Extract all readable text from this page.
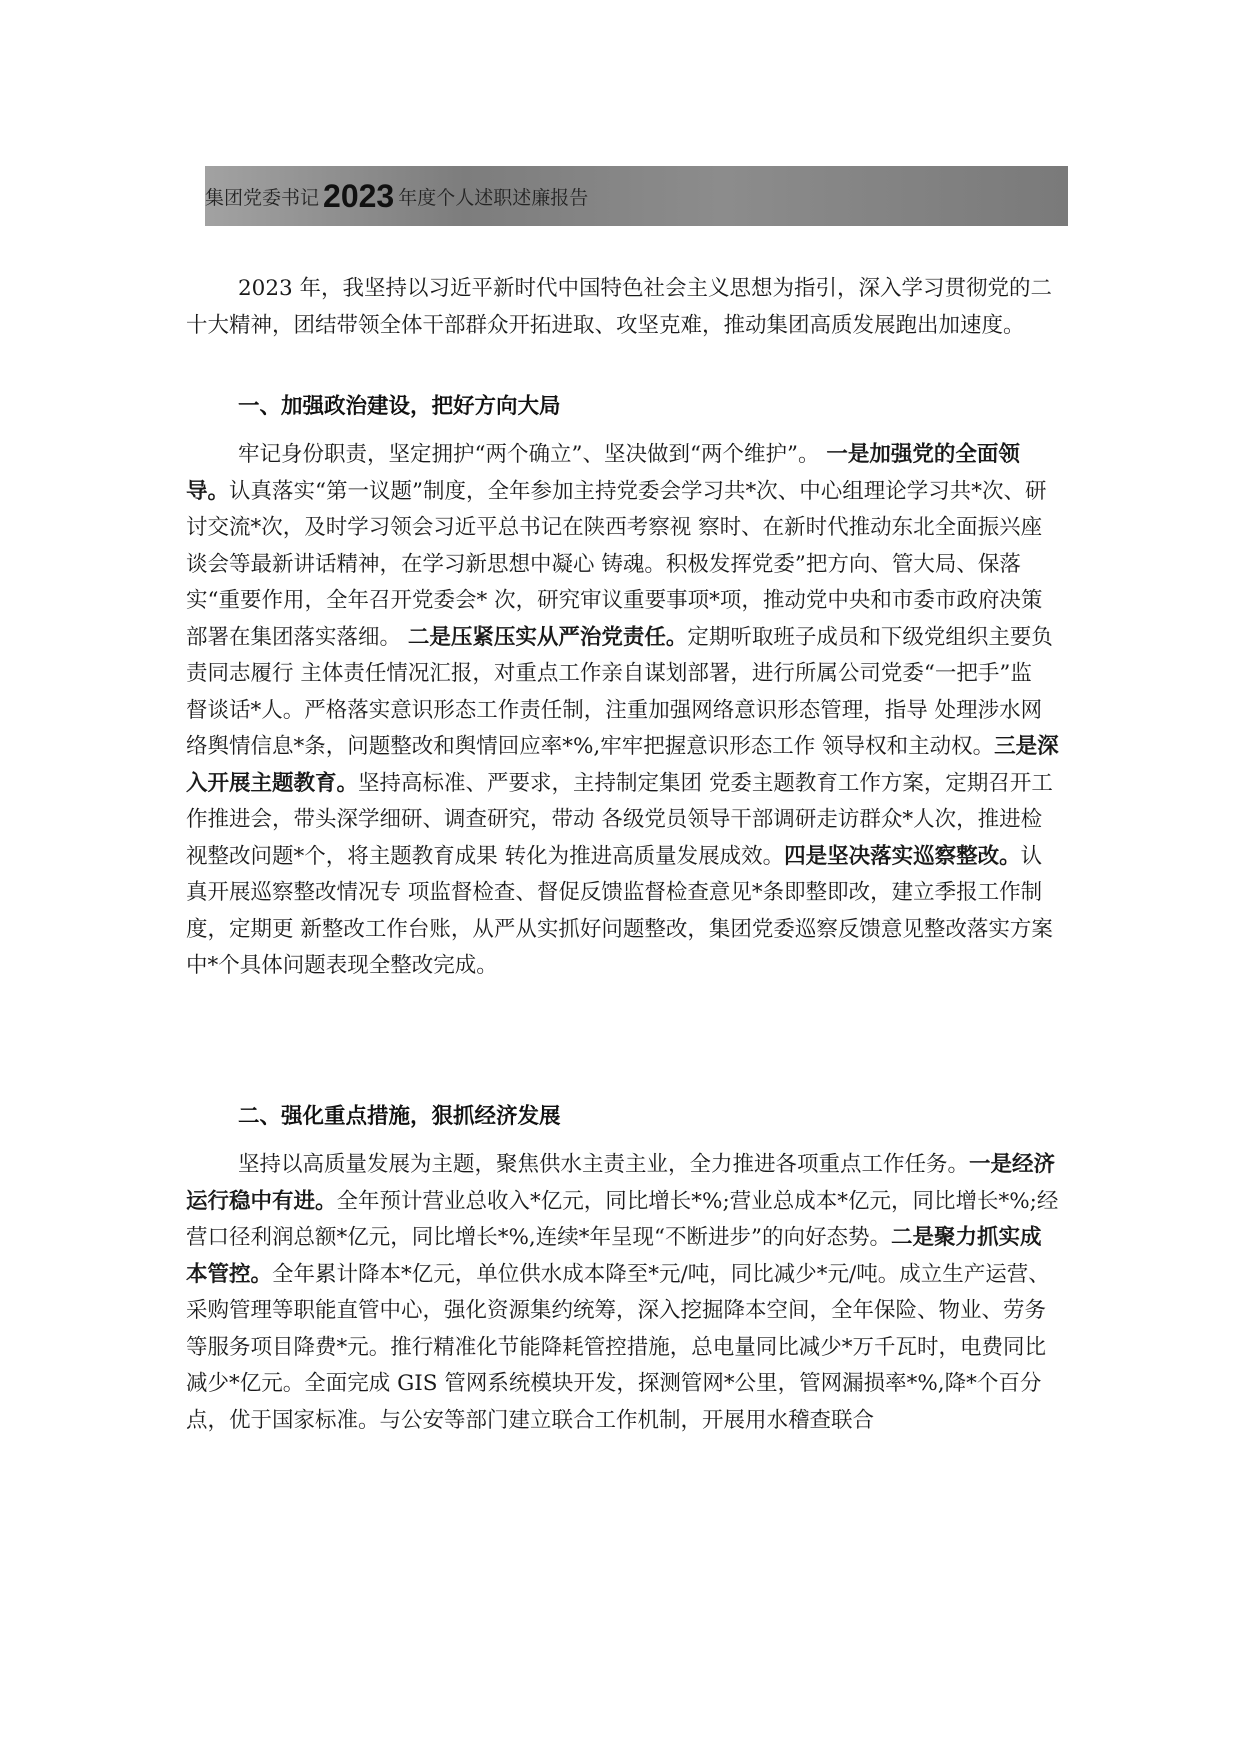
集团党委书记 2023 年度个人述职述廉报告

2023 年，我坚持以习近平新时代中国特色社会主义思想为指引，深入学习贯彻党的二十大精神，团结带领全体干部群众开拓进取、攻坚克难，推动集团高质发展跑出加速度。

一、加强政治建设，把好方向大局

牢记身份职责，坚定拥护“两个确立”、坚决做到“两个维护”。 一是加强党的全面领导。认真落实“第一议题”制度，全年参加主持党委会学习共*次、中心组理论学习共*次、研讨交流*次，及时学习领会习近平总书记在陕西考察视 察时、在新时代推动东北全面振兴座谈会等最新讲话精神，在学习新思想中凝心 铸魂。积极发挥党委”把方向、管大局、保落实“重要作用，全年召开党委会* 次，研究审议重要事项*项，推动党中央和市委市政府决策部署在集团落实落细。 二是压紧压实从严治党责任。定期听取班子成员和下级党组织主要负责同志履行 主体责任情况汇报，对重点工作亲自谋划部署，进行所属公司党委“一把手”监 督谈话*人。严格落实意识形态工作责任制，注重加强网络意识形态管理，指导 处理涉水网络舆情信息*条，问题整改和舆情回应率*%,牢牢把握意识形态工作 领导权和主动权。三是深入开展主题教育。坚持高标准、严要求，主持制定集团 党委主题教育工作方案，定期召开工作推进会，带头深学细研、调查研究，带动 各级党员领导干部调研走访群众*人次，推进检视整改问题*个，将主题教育成果 转化为推进高质量发展成效。四是坚决落实巡察整改。认真开展巡察整改情况专 项监督检查、督促反馈监督检查意见*条即整即改，建立季报工作制度，定期更 新整改工作台账，从严从实抓好问题整改，集团党委巡察反馈意见整改落实方案

中*个具体问题表现全整改完成。

二、强化重点措施，狠抓经济发展

坚持以高质量发展为主题，聚焦供水主责主业，全力推进各项重点工作任务。一是经济运行稳中有进。全年预计营业总收入*亿元，同比增长*%;营业总成本*亿元，同比增长*%;经营口径利润总额*亿元，同比增长*%,连续*年呈现“不断进步”的向好态势。二是聚力抓实成本管控。全年累计降本*亿元，单位供水成本降至*元/吨，同比减少*元/吨。成立生产运营、采购管理等职能直管中心，强化资源集约统筹，深入挖掘降本空间，全年保险、物业、劳务等服务项目降费*元。推行精准化节能降耗管控措施，总电量同比减少*万千瓦时，电费同比减少*亿元。全面完成 GIS 管网系统模块开发，探测管网*公里，管网漏损率*%,降*个百分点，优于国家标准。与公安等部门建立联合工作机制，开展用水稽查联合
